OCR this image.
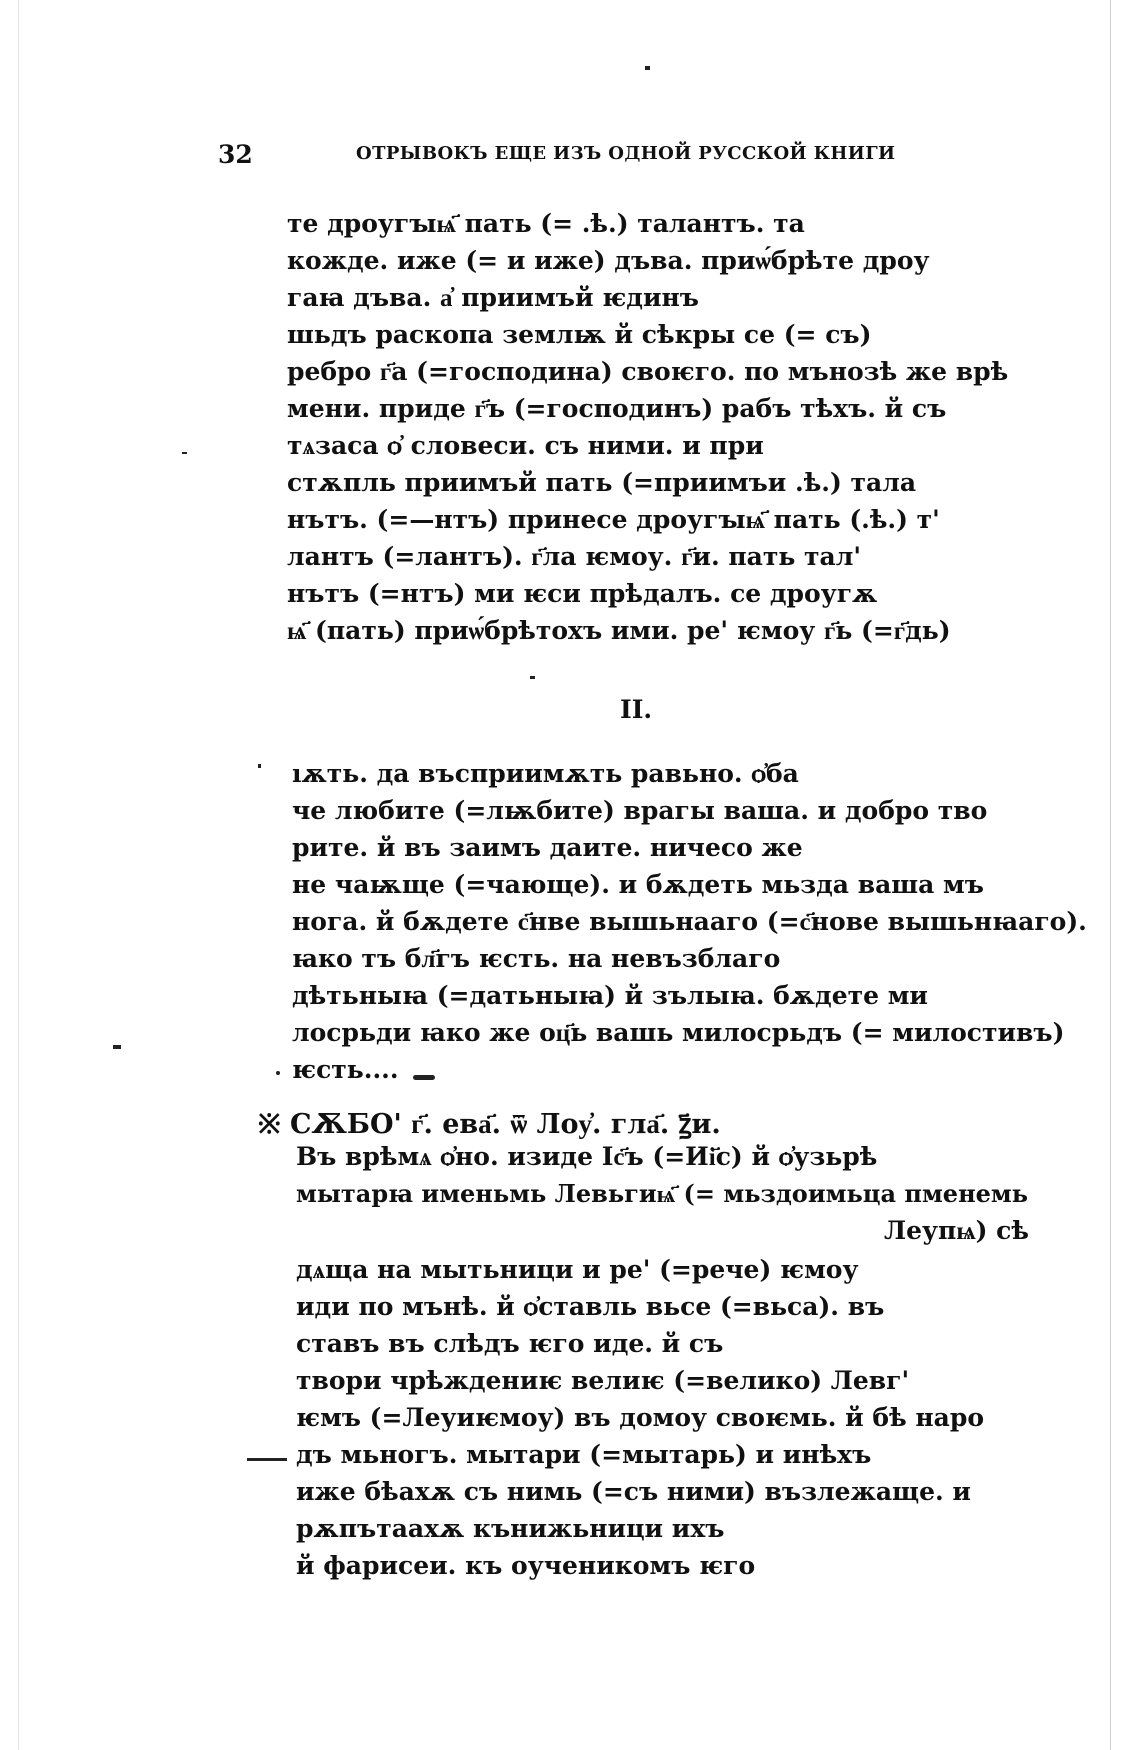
32	ОТРЫВОКЪ ЕЩЕ ИЗЪ ОДНОЙ РУССКОЙ КНИГИ
те дроугꙑѩ҃ пать (= .ѣ.) талантъ. та
кожде. иже (= и иже) дъва. приѡ́брѣте дроу
гаꙗ дъва. а҆ приимъй ѥдинъ
шьдъ раскопа землѭ й сѣкры се (= съ)
ребро г҃а (=господина) своѥго. по мънозѣ же врѣ
мени. приде г҃ъ (=господинъ) рабъ тѣхъ. й съ
тѧзаса ѻ҆ словеси. съ ними. и при
стѫпль приимъй пать (=приимъи .ѣ.) тала
нътъ. (=—нтъ) принесе дроугꙑѩ҃ пать (.ѣ.) т'
лантъ (=лантъ). г҃ла ѥмоу. г҃и. пать тал'
нътъ (=нтъ) ми ѥси прѣдалъ. се дроугѫ
ѩ҃ (пать) приѡ́брѣтохъ ими. ре' ѥмоу г҃ь (=г҃дь)
II.
ıѫть. да въсприимѫть равьно. ѻ҆ба
че любите (=лѭбите) врагы ваша. и добро тво
рите. й въ заимъ даите. ничесо же
не чаѭще (=чающе). и бѫдеть мьзда ваша мъ
нога. й бѫдете с҃нве вышьнааго (=с҃нове вышьнꙗаго).
ꙗко тъ бл҃гъ ѥсть. на невъзблаго
дѣтьныꙗ (=датьныꙗ) й зълыꙗ. бѫдете ми
лосрьди ꙗко же оц҃ь вашь милосрьдъ (= милостивъ)
ѥсть....
※ СѪБО' г҃. ева҃. ѿ Лоу҆. гла҃. ꙁ҃и.
Въ врѣмѧ ѻ҆но. изиде Іс҃ъ (=Иі҃с) й ѻ҆узьрѣ
мытарꙗ именьмь Левьгиѩ҃ (= мьздоимьца пменемь
Леупѩ) сѣ
дѧща на мытьници и ре' (=рече) ѥмоу
иди по мънѣ. й ѻ҆ставль вьсе (=вьса). въ
ставъ въ слѣдъ ѥго иде. й съ
твори чрѣждениѥ велиѥ (=велико) Левг'
ѥмъ (=Леуиѥмоу) въ домоу своѥмь. й бѣ наро
дъ мьногъ. мытари (=мытарь) и инѣхъ
иже бѣахѫ съ нимь (=съ ними) възлежаще. и
рѫпътаахѫ кънижьници ихъ
й фарисеи. къ оученикомъ ѥго
